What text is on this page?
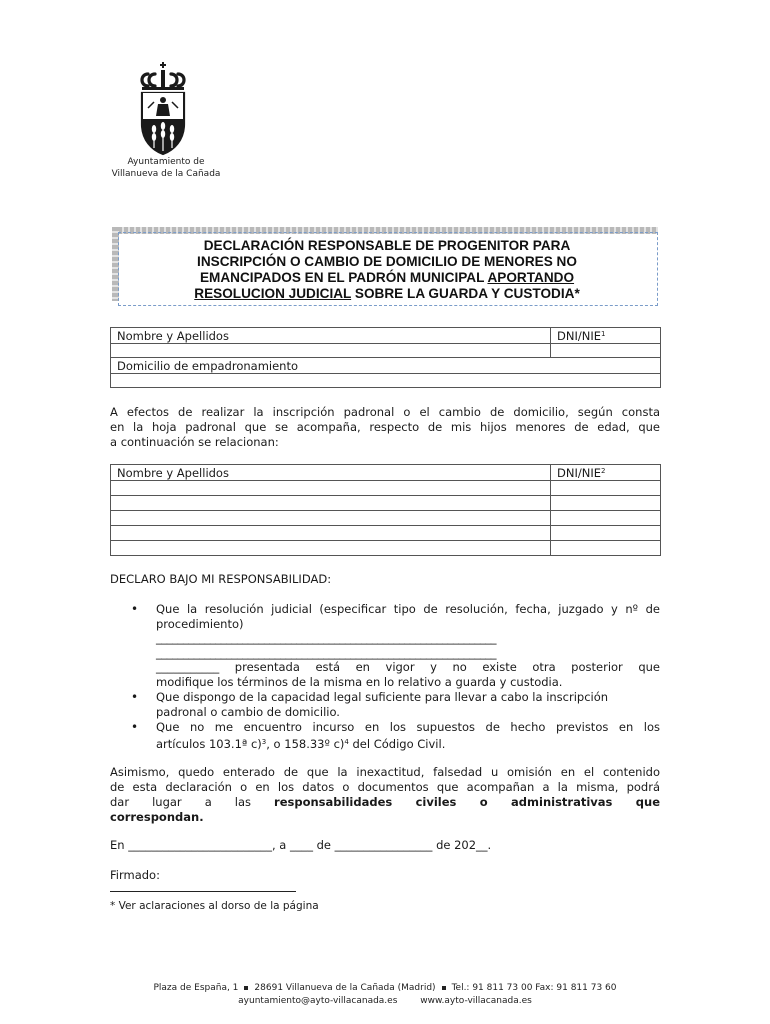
Ayuntamiento de
Villanueva de la Cañada
DECLARACIÓN RESPONSABLE DE PROGENITOR PARA
INSCRIPCIÓN O CAMBIO DE DOMICILIO DE MENORES NO
EMANCIPADOS EN EL PADRÓN MUNICIPAL APORTANDO
RESOLUCION JUDICIAL SOBRE LA GUARDA Y CUSTODIA*
Nombre y Apellidos	DNI/NIE$^1$

Domicilio de empadronamiento	

A efectos de realizar la inscripción padronal o el cambio de domicilio, según consta
en la hoja padronal que se acompaña, respecto de mis hijos menores de edad, que
a continuación se relacionan:
Nombre y Apellidos	DNI/NIE$^2$

DECLARO BAJO MI RESPONSABILIDAD:
• Que la resolución judicial (especificar tipo de resolución, fecha, juzgado y nº de
procedimiento)
_______________________________________________________________
_______________________________________________________________
___________ presentada está en vigor y no existe otra posterior que
modifique los términos de la misma en lo relativo a guarda y custodia.
• Que dispongo de la capacidad legal suficiente para llevar a cabo la inscripción
padronal o cambio de domicilio.
• Que no me encuentro incurso en los supuestos de hecho previstos en los
artículos 103.1ª c)$^3$, o 158.33º c)$^4$ del Código Civil.
Asimismo, quedo enterado de que la inexactitud, falsedad u omisión en el contenido
de esta declaración o en los datos o documentos que acompañan a la misma, podrá
dar lugar a las responsabilidades civiles o administrativas que
correspondan.
En _________________________, a ____ de _________________ de 202__.
Firmado:
* Ver aclaraciones al dorso de la página
Plaza de España, 1 28691 Villanueva de la Cañada (Madrid) Tel.: 91 811 73 00 Fax: 91 811 73 60
ayuntamiento@ayto-villacanada.es	www.ayto-villacanada.es
